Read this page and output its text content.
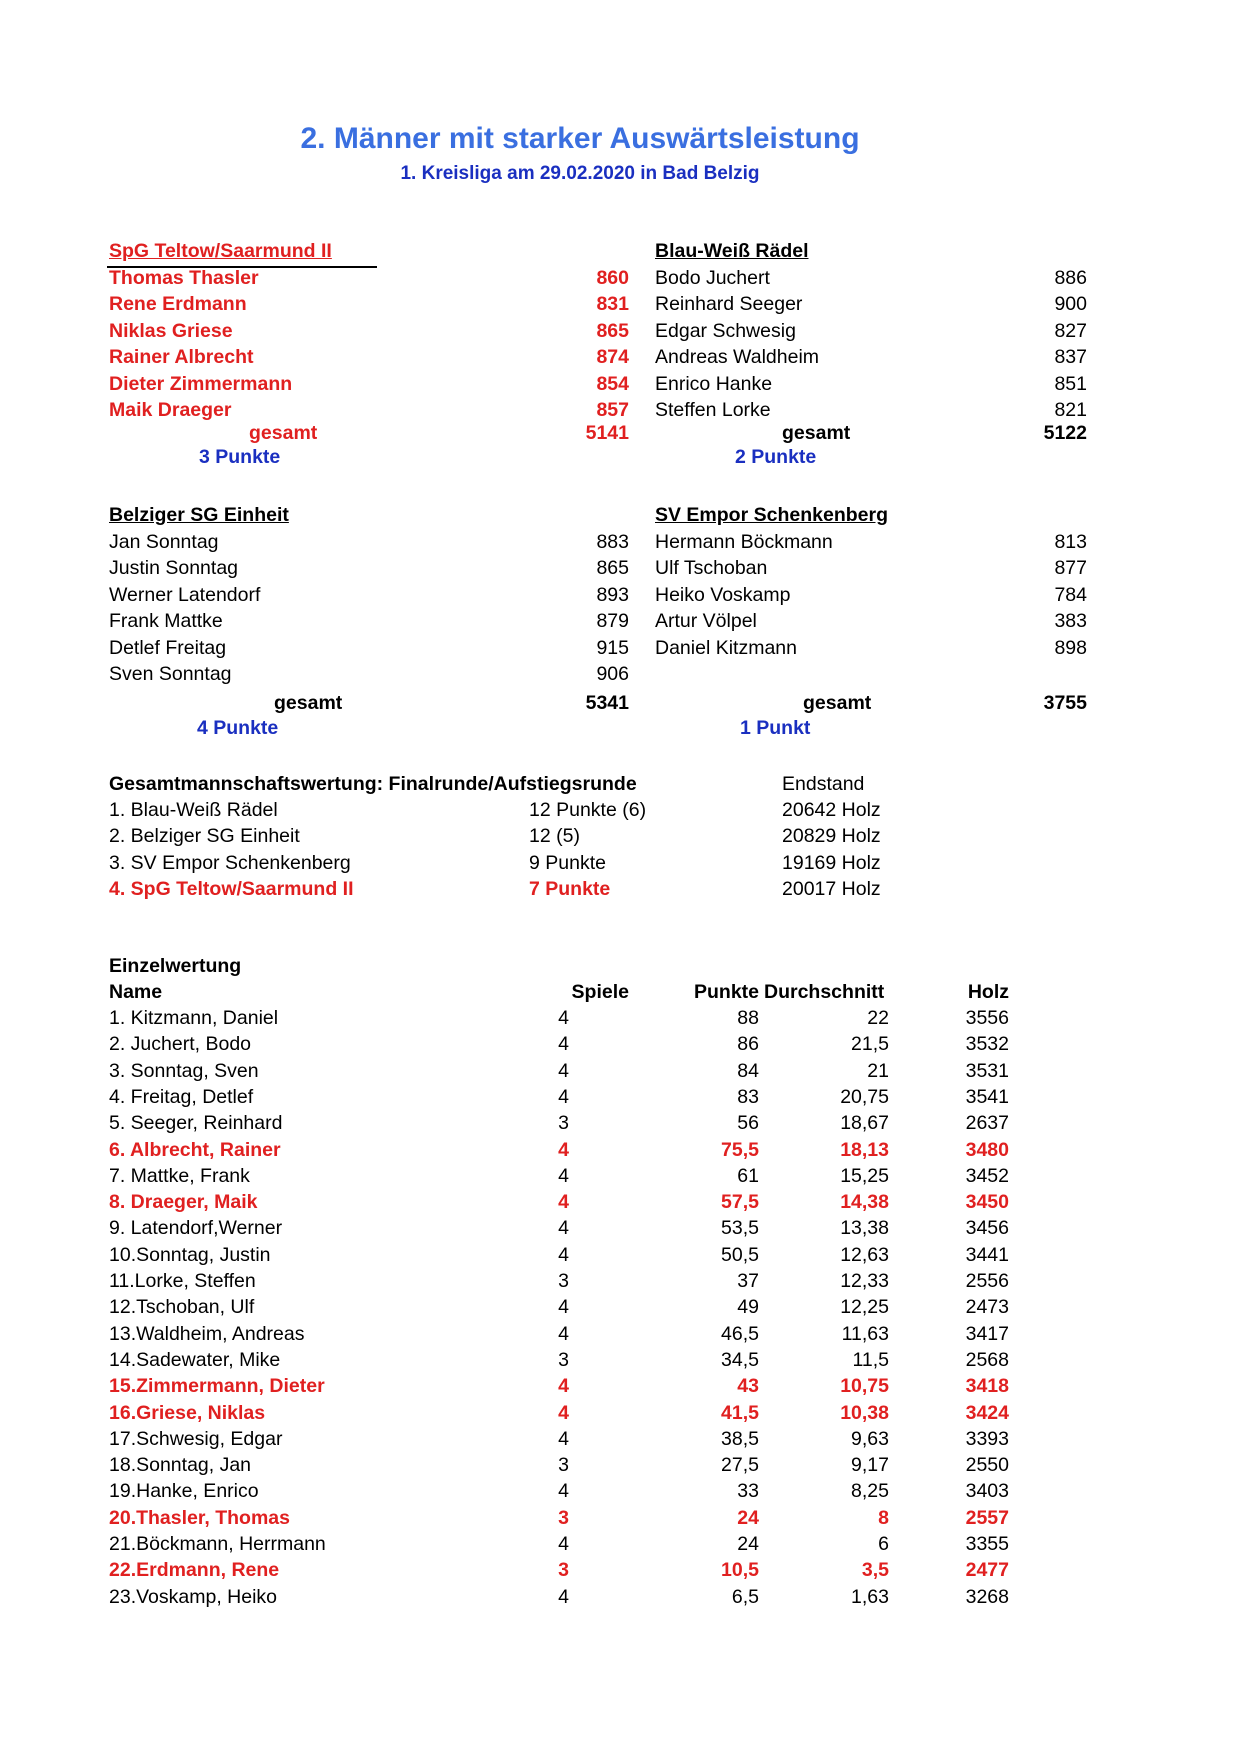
2. Männer mit starker Auswärtsleistung
1. Kreisliga am 29.02.2020 in Bad Belzig
SpG Teltow/Saarmund II
Thomas Thasler	860
Rene Erdmann	831
Niklas Griese	865
Rainer Albrecht	874
Dieter Zimmermann	854
Maik Draeger	857
gesamt	5141
3 Punkte
Blau-Weiß Rädel
Bodo Juchert	886
Reinhard Seeger	900
Edgar Schwesig	827
Andreas Waldheim	837
Enrico Hanke	851
Steffen Lorke	821
gesamt	5122
2 Punkte
Belziger SG Einheit
Jan Sonntag	883
Justin Sonntag	865
Werner Latendorf	893
Frank Mattke	879
Detlef Freitag	915
Sven Sonntag	906
gesamt	5341
4 Punkte
SV Empor Schenkenberg
Hermann Böckmann	813
Ulf Tschoban	877
Heiko Voskamp	784
Artur Völpel	383
Daniel Kitzmann	898
gesamt	3755
1 Punkt
Gesamtmannschaftswertung: Finalrunde/Aufstiegsrunde	Endstand
1. Blau-Weiß Rädel	12 Punkte (6)	20642 Holz
2. Belziger SG Einheit	12 (5)	20829 Holz
3. SV Empor Schenkenberg	9 Punkte	19169 Holz
4. SpG Teltow/Saarmund II	7 Punkte	20017 Holz
Einzelwertung
Name	Spiele	Punkte Durchschnitt	Holz
1. Kitzmann, Daniel	4	88	22	3556
2. Juchert, Bodo	4	86	21,5	3532
3. Sonntag, Sven	4	84	21	3531
4. Freitag, Detlef	4	83	20,75	3541
5. Seeger, Reinhard	3	56	18,67	2637
6. Albrecht, Rainer	4	75,5	18,13	3480
7. Mattke, Frank	4	61	15,25	3452
8. Draeger, Maik	4	57,5	14,38	3450
9. Latendorf,Werner	4	53,5	13,38	3456
10.Sonntag, Justin	4	50,5	12,63	3441
11.Lorke, Steffen	3	37	12,33	2556
12.Tschoban, Ulf	4	49	12,25	2473
13.Waldheim, Andreas	4	46,5	11,63	3417
14.Sadewater, Mike	3	34,5	11,5	2568
15.Zimmermann, Dieter	4	43	10,75	3418
16.Griese, Niklas	4	41,5	10,38	3424
17.Schwesig, Edgar	4	38,5	9,63	3393
18.Sonntag, Jan	3	27,5	9,17	2550
19.Hanke, Enrico	4	33	8,25	3403
20.Thasler, Thomas	3	24	8	2557
21.Böckmann, Herrmann	4	24	6	3355
22.Erdmann, Rene	3	10,5	3,5	2477
23.Voskamp, Heiko	4	6,5	1,63	3268
